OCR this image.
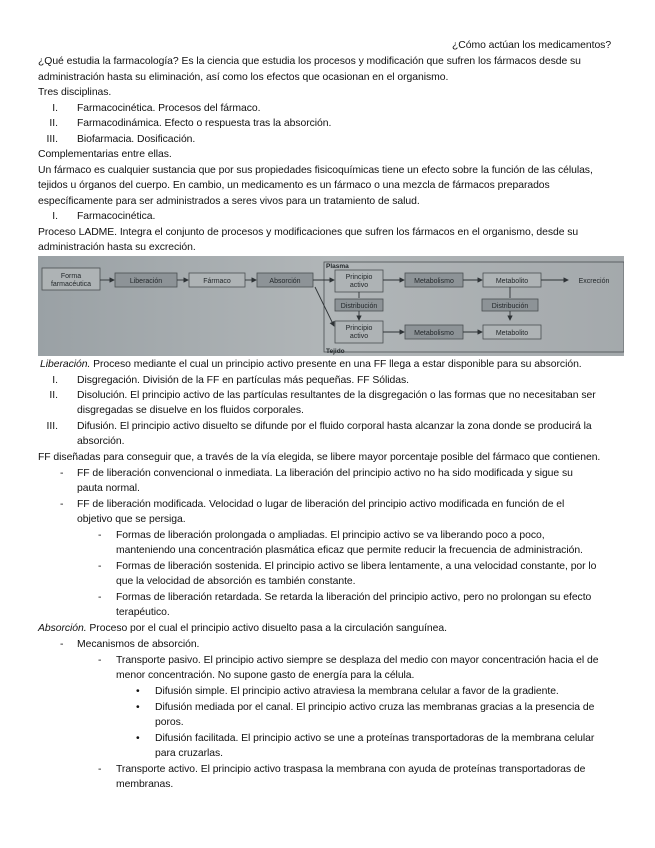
¿Cómo actúan los medicamentos?
¿Qué estudia la farmacología? Es la ciencia que estudia los procesos y modificación que sufren los fármacos desde su
administración hasta su eliminación, así como los efectos que ocasionan en el organismo.
Tres disciplinas.
I. Farmacocinética. Procesos del fármaco.
II. Farmacodinámica. Efecto o respuesta tras la absorción.
III. Biofarmacia. Dosificación.
Complementarias entre ellas.
Un fármaco es cualquier sustancia que por sus propiedades fisicoquímicas tiene un efecto sobre la función de las células,
tejidos u órganos del cuerpo. En cambio, un medicamento es un fármaco o una mezcla de fármacos preparados
específicamente para ser administrados a seres vivos para un tratamiento de salud.
I. Farmacocinética.
Proceso LADME. Integra el conjunto de procesos y modificaciones que sufren los fármacos en el organismo, desde su
administración hasta su excreción.
Plasma
Tejido
Forma
farmacéutica	Liberación	Fármaco	Absorción
Principio
activo
Metabolismo	Metabolito	Excreción
Distribución	Distribución
Principio
activo	Metabolismo	Metabolito
Liberación. Proceso mediante el cual un principio activo presente en una FF llega a estar disponible para su absorción.
I. Disgregación. División de la FF en partículas más pequeñas. FF Sólidas.
II. Disolución. El principio activo de las partículas resultantes de la disgregación o las formas que no necesitaban ser
disgregadas se disuelve en los fluidos corporales.
III. Difusión. El principio activo disuelto se difunde por el fluido corporal hasta alcanzar la zona donde se producirá la
absorción.
FF diseñadas para conseguir que, a través de la vía elegida, se libere mayor porcentaje posible del fármaco que contienen.
- FF de liberación convencional o inmediata. La liberación del principio activo no ha sido modificada y sigue su
pauta normal.
- FF de liberación modificada. Velocidad o lugar de liberación del principio activo modificada en función de el
objetivo que se persiga.
- Formas de liberación prolongada o ampliadas. El principio activo se va liberando poco a poco,
manteniendo una concentración plasmática eficaz que permite reducir la frecuencia de administración.
- Formas de liberación sostenida. El principio activo se libera lentamente, a una velocidad constante, por lo
que la velocidad de absorción es también constante.
- Formas de liberación retardada. Se retarda la liberación del principio activo, pero no prolongan su efecto
terapéutico.
Absorción. Proceso por el cual el principio activo disuelto pasa a la circulación sanguínea.
- Mecanismos de absorción.
- Transporte pasivo. El principio activo siempre se desplaza del medio con mayor concentración hacia el de
menor concentración. No supone gasto de energía para la célula.
• Difusión simple. El principio activo atraviesa la membrana celular a favor de la gradiente.
• Difusión mediada por el canal. El principio activo cruza las membranas gracias a la presencia de
poros.
• Difusión facilitada. El principio activo se une a proteínas transportadoras de la membrana celular
para cruzarlas.
- Transporte activo. El principio activo traspasa la membrana con ayuda de proteínas transportadoras de
membranas.
